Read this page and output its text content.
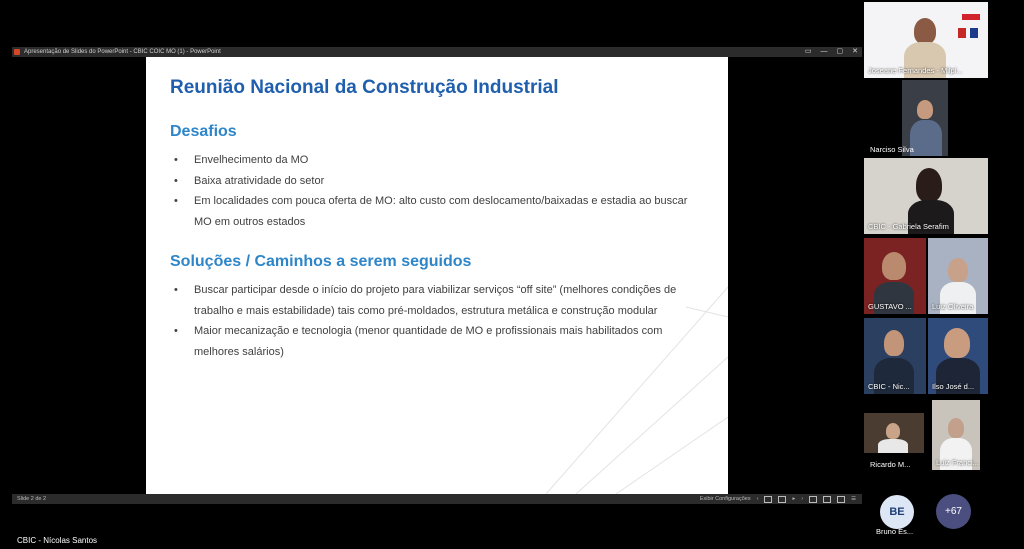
Apresentação de Slides do PowerPoint - CBIC COIC MO (1) - PowerPoint	▭ — ▢ ✕
Reunião Nacional da Construção Industrial
Desafios
• Envelhecimento da MO
• Baixa atratividade do setor
• Em localidades com pouca oferta de MO: alto custo com deslocamento/baixadas e estadia ao buscar MO em outros estados
Soluções / Caminhos a serem seguidos
• Buscar participar desde o início do projeto para viabilizar serviços “off site” (melhores condições de trabalho e mais estabilidade) tais como pré-moldados, estrutura metálica e construção modular
• Maior mecanização e tecnologia (menor quantidade de MO e profissionais mais habilitados com melhores salários)
Slide 2 de 2	Exibir Configurações ‹	▸ ›	☰
CBIC - Nícolas Santos
Joseane Fernandes - Milpl...
Narciso Silva
CBIC - Gabriela Serafim
GUSTAVO ...	Luiz Oliveira
CBIC - Nic...	Ilso José d...
Ricardo M...	Luiz Franci...
BE
Bruno Es...
+67
